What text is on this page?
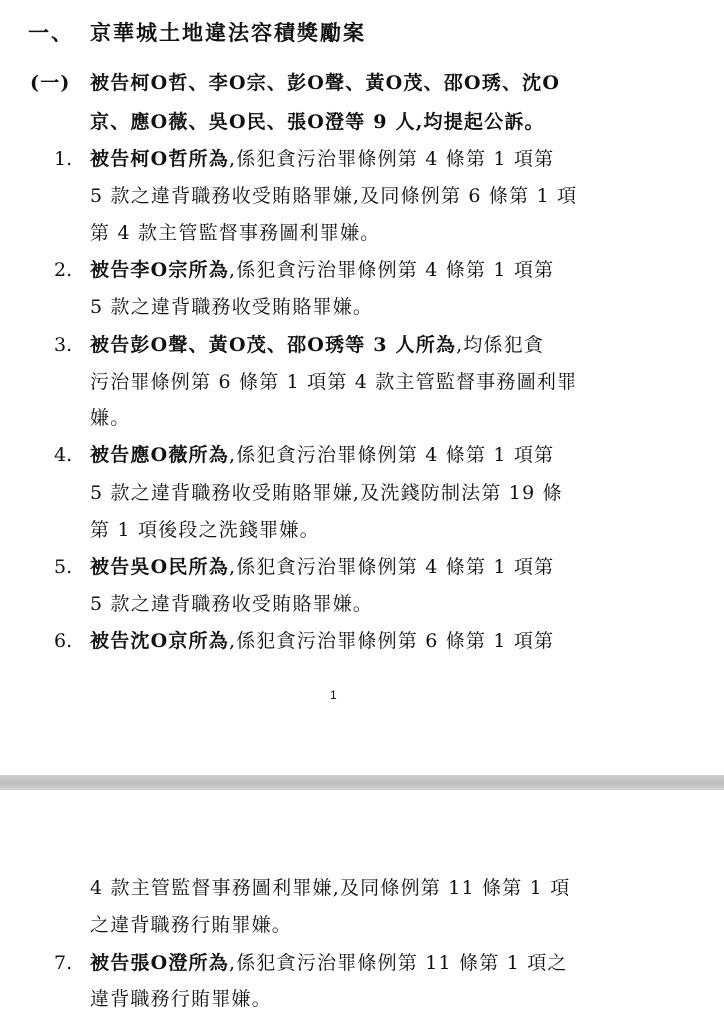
一、 京華城土地違法容積獎勵案
(一) 被告柯O哲、李O宗、彭O聲、黃O茂、邵O琇、沈O
京、應O薇、吳O民、張O澄等 9 人,均提起公訴。
1. 被告柯O哲所為,係犯貪污治罪條例第 4 條第 1 項第
5 款之違背職務收受賄賂罪嫌,及同條例第 6 條第 1 項
第 4 款主管監督事務圖利罪嫌。
2. 被告李O宗所為,係犯貪污治罪條例第 4 條第 1 項第
5 款之違背職務收受賄賂罪嫌。
3. 被告彭O聲、黃O茂、邵O琇等 3 人所為,均係犯貪
污治罪條例第 6 條第 1 項第 4 款主管監督事務圖利罪
嫌。
4. 被告應O薇所為,係犯貪污治罪條例第 4 條第 1 項第
5 款之違背職務收受賄賂罪嫌,及洗錢防制法第 19 條
第 1 項後段之洗錢罪嫌。
5. 被告吳O民所為,係犯貪污治罪條例第 4 條第 1 項第
5 款之違背職務收受賄賂罪嫌。
6. 被告沈O京所為,係犯貪污治罪條例第 6 條第 1 項第
1
4 款主管監督事務圖利罪嫌,及同條例第 11 條第 1 項
之違背職務行賄罪嫌。
7. 被告張O澄所為,係犯貪污治罪條例第 11 條第 1 項之
違背職務行賄罪嫌。
